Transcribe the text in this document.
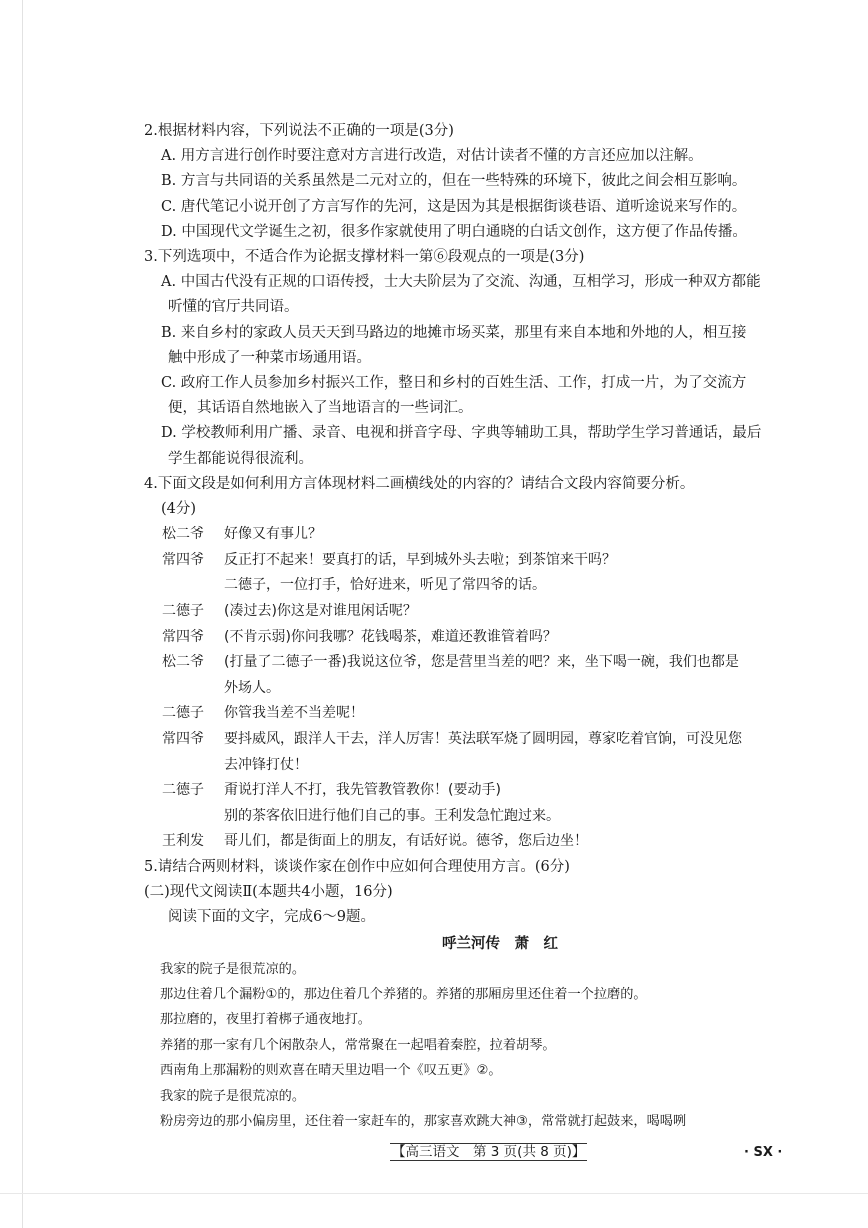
2.根据材料内容，下列说法不正确的一项是(3分)
A. 用方言进行创作时要注意对方言进行改造，对估计读者不懂的方言还应加以注解。
B. 方言与共同语的关系虽然是二元对立的，但在一些特殊的环境下，彼此之间会相互影响。
C. 唐代笔记小说开创了方言写作的先河，这是因为其是根据街谈巷语、道听途说来写作的。
D. 中国现代文学诞生之初，很多作家就使用了明白通晓的白话文创作，这方便了作品传播。
3.下列选项中，不适合作为论据支撑材料一第⑥段观点的一项是(3分)
A. 中国古代没有正规的口语传授，士大夫阶层为了交流、沟通，互相学习，形成一种双方都能
听懂的官厅共同语。
B. 来自乡村的家政人员天天到马路边的地摊市场买菜，那里有来自本地和外地的人，相互接
触中形成了一种菜市场通用语。
C. 政府工作人员参加乡村振兴工作，整日和乡村的百姓生活、工作，打成一片，为了交流方
便，其话语自然地嵌入了当地语言的一些词汇。
D. 学校教师利用广播、录音、电视和拼音字母、字典等辅助工具，帮助学生学习普通话，最后
学生都能说得很流利。
4.下面文段是如何利用方言体现材料二画横线处的内容的？请结合文段内容简要分析。
(4分)
松二爷	好像又有事儿？
常四爷	反正打不起来！要真打的话，早到城外头去啦；到茶馆来干吗？
二德子，一位打手，恰好进来，听见了常四爷的话。
二德子	(凑过去)你这是对谁甩闲话呢？
常四爷	(不肯示弱)你问我哪？花钱喝茶，难道还教谁管着吗？
松二爷	(打量了二德子一番)我说这位爷，您是营里当差的吧？来，坐下喝一碗，我们也都是
外场人。
二德子	你管我当差不当差呢！
常四爷	要抖威风，跟洋人干去，洋人厉害！英法联军烧了圆明园，尊家吃着官饷，可没见您
去冲锋打仗！
二德子	甭说打洋人不打，我先管教管教你！(要动手)
别的茶客依旧进行他们自己的事。王利发急忙跑过来。
王利发	哥儿们，都是街面上的朋友，有话好说。德爷，您后边坐！
5.请结合两则材料，谈谈作家在创作中应如何合理使用方言。(6分)
(二)现代文阅读Ⅱ(本题共4小题，16分)
阅读下面的文字，完成6～9题。
呼兰河传　萧　红
我家的院子是很荒凉的。
那边住着几个漏粉①的，那边住着几个养猪的。养猪的那厢房里还住着一个拉磨的。
那拉磨的，夜里打着梆子通夜地打。
养猪的那一家有几个闲散杂人，常常聚在一起唱着秦腔，拉着胡琴。
西南角上那漏粉的则欢喜在晴天里边唱一个《叹五更》②。
我家的院子是很荒凉的。
粉房旁边的那小偏房里，还住着一家赶车的，那家喜欢跳大神③，常常就打起鼓来，喝喝咧
【高三语文　第 3 页(共 8 页)】	· SX ·
